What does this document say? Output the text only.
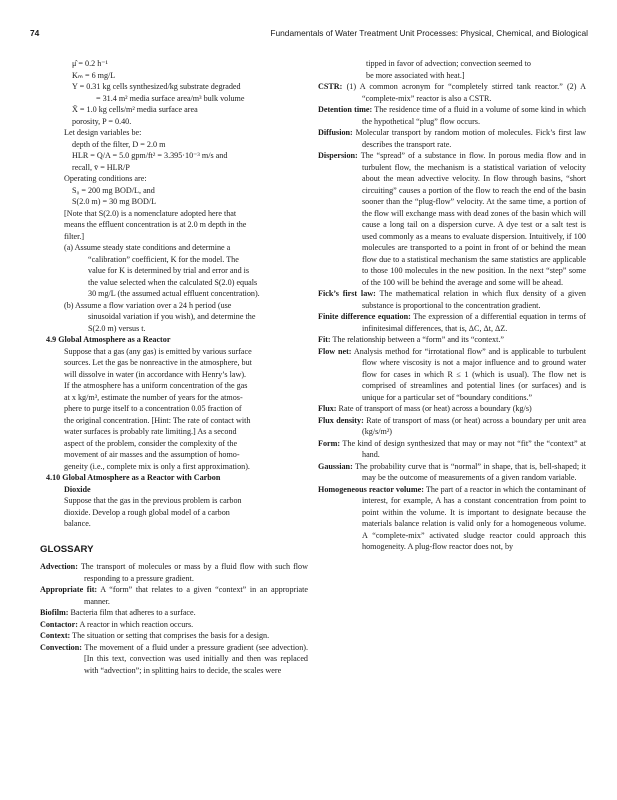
74	Fundamentals of Water Treatment Unit Processes: Physical, Chemical, and Biological
μ̂ = 0.2 h⁻¹
Kₘ = 6 mg/L
Y = 0.31 kg cells synthesized/kg substrate degraded
= 31.4 m² media surface area/m³ bulk volume
X̄ = 1.0 kg cells/m² media surface area
porosity, P = 0.40.
Let design variables be:
depth of the filter, D = 2.0 m
HLR = Q/A = 5.0 gpm/ft² = 3.395·10⁻³ m/s and
recall, v̄ = HLR/P
Operating conditions are:
S₀ = 200 mg BOD/L, and
S(2.0 m) = 30 mg BOD/L
[Note that S(2.0) is a nomenclature adopted here that
means the effluent concentration is at 2.0 m depth in the
filter.]
(a) Assume steady state conditions and determine a
“calibration” coefficient, K for the model. The
value for K is determined by trial and error and is
the value selected when the calculated S(2.0) equals
30 mg/L (the assumed actual effluent concentration).
(b) Assume a flow variation over a 24 h period (use
sinusoidal variation if you wish), and determine the
S(2.0 m) versus t.
4.9 Global Atmosphere as a Reactor
Suppose that a gas (any gas) is emitted by various surface
sources. Let the gas be nonreactive in the atmosphere, but
will dissolve in water (in accordance with Henry’s law).
If the atmosphere has a uniform concentration of the gas
at x kg/m³, estimate the number of years for the atmos-
phere to purge itself to a concentration 0.05 fraction of
the original concentration. [Hint: The rate of contact with
water surfaces is probably rate limiting.] As a second
aspect of the problem, consider the complexity of the
movement of air masses and the assumption of homo-
geneity (i.e., complete mix is only a first approximation).
4.10 Global Atmosphere as a Reactor with Carbon
Dioxide
Suppose that the gas in the previous problem is carbon
dioxide. Develop a rough global model of a carbon
balance.
GLOSSARY
Advection: The transport of molecules or mass by a fluid flow with such flow responding to a pressure gradient.
Appropriate fit: A “form” that relates to a given “context” in an appropriate manner.
Biofilm: Bacteria film that adheres to a surface.
Contactor: A reactor in which reaction occurs.
Context: The situation or setting that comprises the basis for a design.
Convection: The movement of a fluid under a pressure gradient (see advection). [In this text, convection was used initially and then was replaced with “advection”; in splitting hairs to decide, the scales were
tipped in favor of advection; convection seemed to
be more associated with heat.]
CSTR: (1) A common acronym for “completely stirred tank reactor.” (2) A “complete-mix” reactor is also a CSTR.
Detention time: The residence time of a fluid in a volume of some kind in which the hypothetical “plug” flow occurs.
Diffusion: Molecular transport by random motion of molecules. Fick’s first law describes the transport rate.
Dispersion: The “spread” of a substance in flow. In porous media flow and in turbulent flow, the mechanism is a statistical variation of velocity about the mean advective velocity. In flow through basins, “short circuiting” causes a portion of the flow to reach the end of the basin sooner than the “plug-flow” velocity. At the same time, a portion of the flow will exchange mass with dead zones of the basin which will cause a long tail on a dispersion curve. A dye test or a salt test is used commonly as a means to evaluate dispersion. Intuitively, if 100 molecules are transported to a point in front of or behind the mean flow due to a statistical mechanism the same statistics are applicable to those 100 molecules in the new position. In the next “step” some of the 100 will be behind the average and some will be ahead.
Fick’s first law: The mathematical relation in which flux density of a given substance is proportional to the concentration gradient.
Finite difference equation: The expression of a differential equation in terms of infinitesimal differences, that is, ΔC, Δt, ΔZ.
Fit: The relationship between a “form” and its “context.”
Flow net: Analysis method for “irrotational flow” and is applicable to turbulent flow where viscosity is not a major influence and to ground water flow for cases in which R ≤ 1 (which is usual). The flow net is comprised of streamlines and potential lines (or surfaces) and is unique for a particular set of “boundary conditions.”
Flux: Rate of transport of mass (or heat) across a boundary (kg/s)
Flux density: Rate of transport of mass (or heat) across a boundary per unit area (kg/s/m²)
Form: The kind of design synthesized that may or may not “fit” the “context” at hand.
Gaussian: The probability curve that is “normal” in shape, that is, bell-shaped; it may be the outcome of measurements of a given random variable.
Homogeneous reactor volume: The part of a reactor in which the contaminant of interest, for example, A has a constant concentration from point to point within the volume. It is important to designate because the materials balance relation is valid only for a homogeneous volume. A “complete-mix” activated sludge reactor could approach this homogeneity. A plug-flow reactor does not, by
